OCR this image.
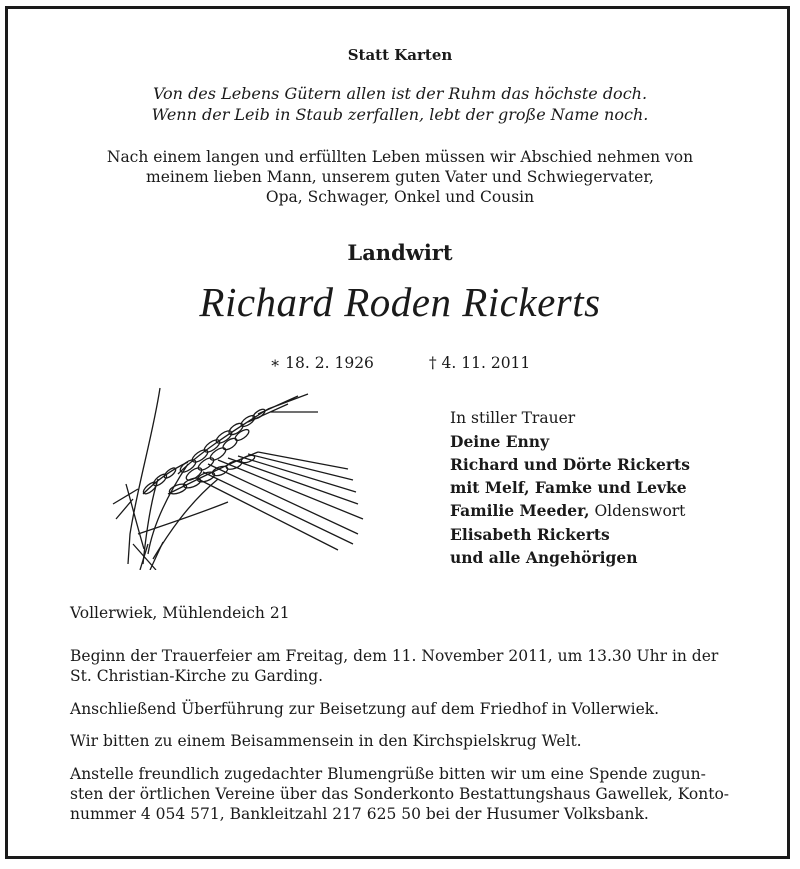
Statt Karten
Von des Lebens Gütern allen ist der Ruhm das höchste doch.
Wenn der Leib in Staub zerfallen, lebt der große Name noch.
Nach einem langen und erfüllten Leben müssen wir Abschied nehmen von
meinem lieben Mann, unserem guten Vater und Schwiegervater,
Opa, Schwager, Onkel und Cousin
Landwirt
Richard Roden Rickerts
∗ 18. 2. 1926	† 4. 11. 2011
In stiller Trauer
Deine Enny
Richard und Dörte Rickerts
mit Melf, Famke und Levke
Familie Meeder, Oldenswort
Elisabeth Rickerts
und alle Angehörigen
Vollerwiek, Mühlendeich 21
Beginn der Trauerfeier am Freitag, dem 11. November 2011, um 13.30 Uhr in der
St. Christian-Kirche zu Garding.
Anschließend Überführung zur Beisetzung auf dem Friedhof in Vollerwiek.
Wir bitten zu einem Beisammensein in den Kirchspielskrug Welt.
Anstelle freundlich zugedachter Blumengrüße bitten wir um eine Spende zugun-
sten der örtlichen Vereine über das Sonderkonto Bestattungshaus Gawellek, Konto-
nummer 4 054 571, Bankleitzahl 217 625 50 bei der Husumer Volksbank.
